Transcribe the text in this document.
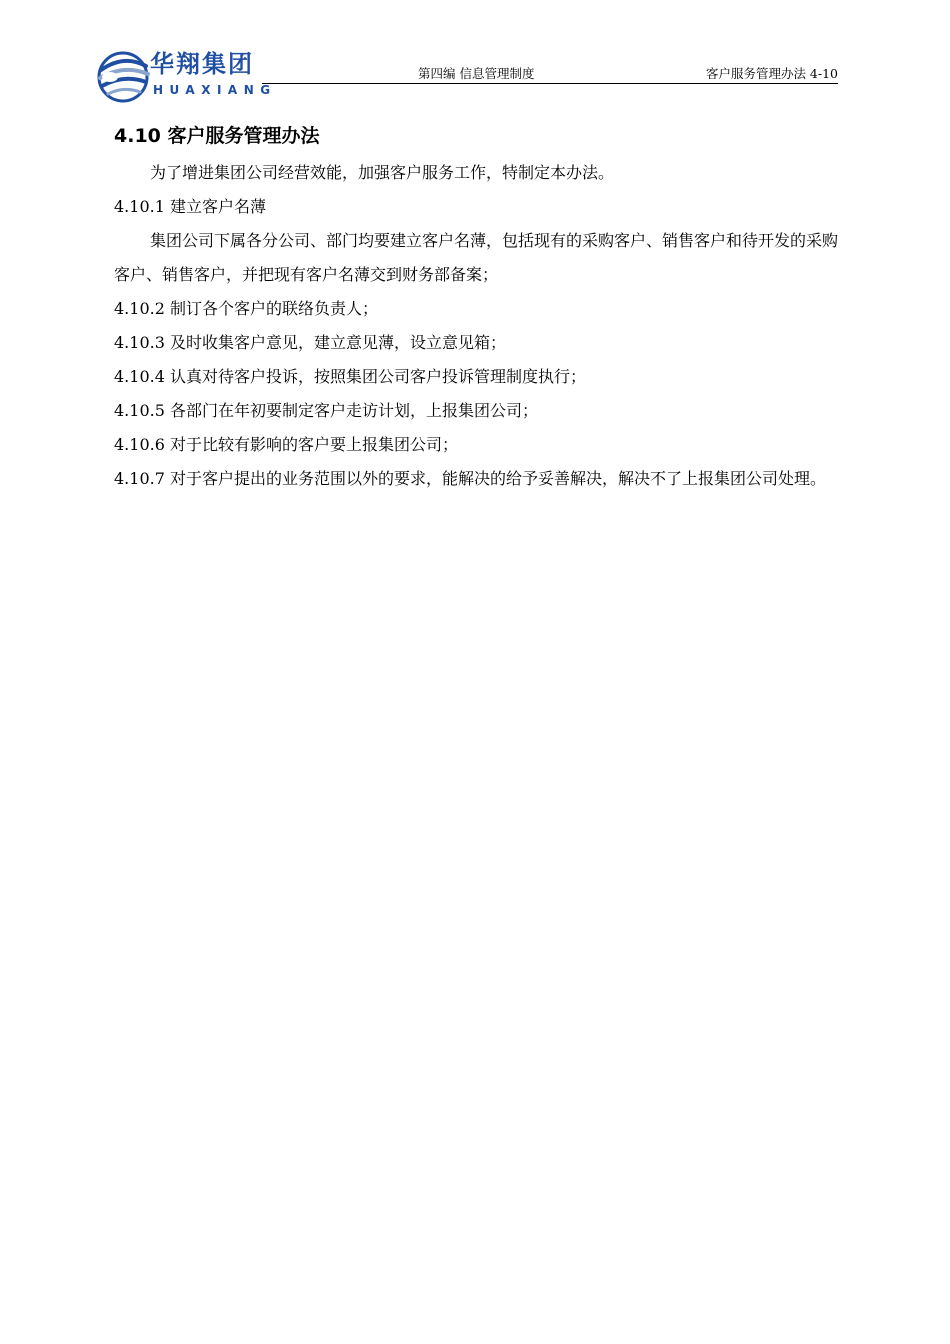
华翔集团
HUAXIANG
第四编 信息管理制度	客户服务管理办法 4-10
4.10 客户服务管理办法

为了增进集团公司经营效能，加强客户服务工作，特制定本办法。

4.10.1 建立客户名薄

集团公司下属各分公司、部门均要建立客户名薄，包括现有的采购客户、销售客户和待开发的采购客户、销售客户，并把现有客户名薄交到财务部备案；

4.10.2 制订各个客户的联络负责人；

4.10.3 及时收集客户意见，建立意见薄，设立意见箱；

4.10.4 认真对待客户投诉，按照集团公司客户投诉管理制度执行；

4.10.5 各部门在年初要制定客户走访计划，上报集团公司；

4.10.6 对于比较有影响的客户要上报集团公司；

4.10.7 对于客户提出的业务范围以外的要求，能解决的给予妥善解决，解决不了上报集团公司处理。
